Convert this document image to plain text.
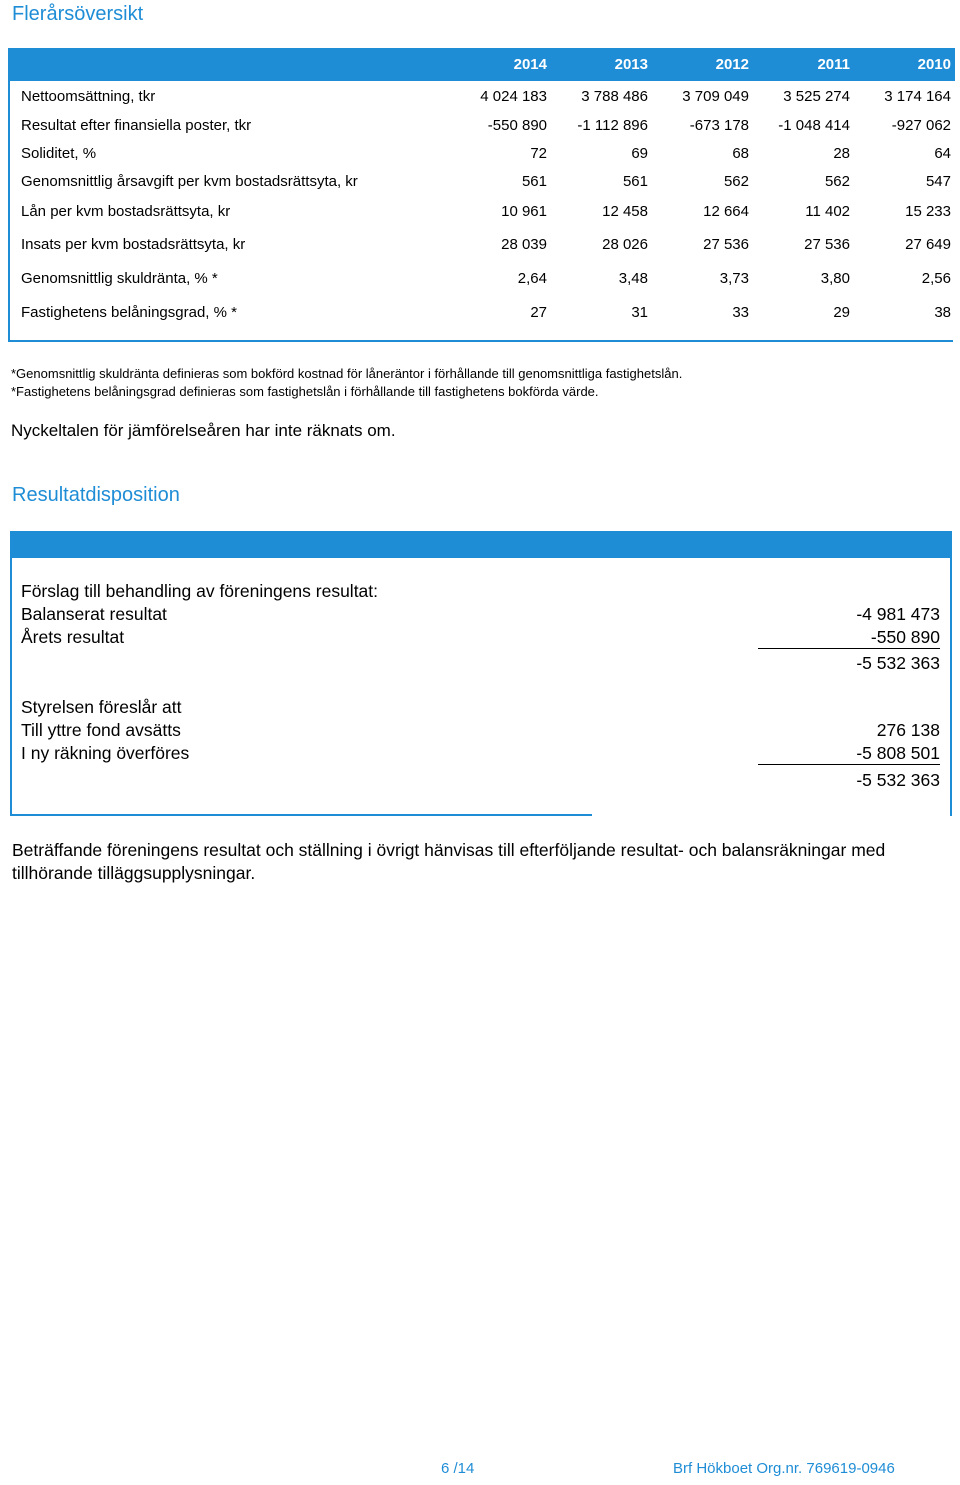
Flerårsöversikt
2014	2013	2012	2011	2010
Nettoomsättning, tkr	4 024 183	3 788 486	3 709 049	3 525 274	3 174 164
Resultat efter finansiella poster, tkr	-550 890	-1 112 896	-673 178	-1 048 414	-927 062
Soliditet, %	72	69	68	28	64
Genomsnittlig årsavgift per kvm bostadsrättsyta, kr	561	561	562	562	547
Lån per kvm bostadsrättsyta, kr	10 961	12 458	12 664	11 402	15 233
Insats per kvm bostadsrättsyta, kr	28 039	28 026	27 536	27 536	27 649
Genomsnittlig skuldränta, % *	2,64	3,48	3,73	3,80	2,56
Fastighetens belåningsgrad, % *	27	31	33	29	38
*Genomsnittlig skuldränta definieras som bokförd kostnad för låneräntor i förhållande till genomsnittliga fastighetslån.
*Fastighetens belåningsgrad definieras som fastighetslån i förhållande till fastighetens bokförda värde.
Nyckeltalen för jämförelseåren har inte räknats om.
Resultatdisposition
Förslag till behandling av föreningens resultat:
Balanserat resultat	-4 981 473
Årets resultat	-550 890
-5 532 363
Styrelsen föreslår att
Till yttre fond avsätts	276 138
I ny räkning överföres	-5 808 501
-5 532 363
Beträffande föreningens resultat och ställning i övrigt hänvisas till efterföljande resultat- och balansräkningar med tillhörande tilläggsupplysningar.
6 /14	Brf Hökboet Org.nr. 769619-0946
